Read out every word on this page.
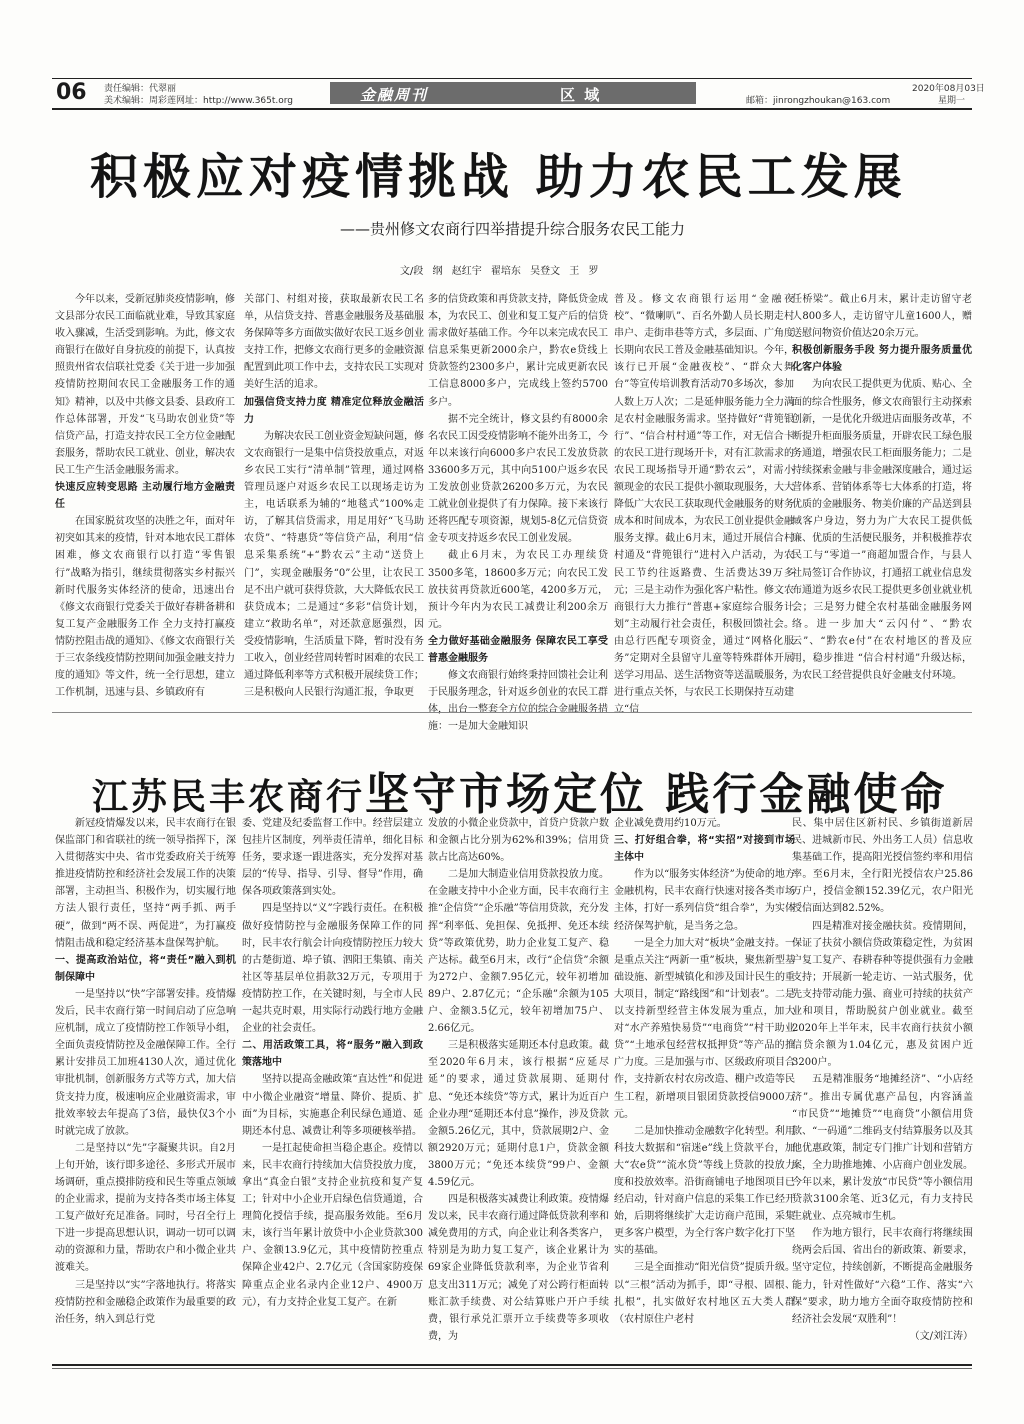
06 责任编辑：代翠丽
美术编辑：周彩莲 网址：http://www.365t.org	金融周刊	区 域	邮箱：jinrongzhoukan@163.com
2020年08月03日
星期一
积极应对疫情挑战 助力农民工发展
——贵州修文农商行四举措提升综合服务农民工能力
文/段 纲 赵红宇 翟培东 吴登文 王 罗

今年以来，受新冠肺炎疫情影响，修文县部分农民工面临就业难，导致其家庭收入骤减，生活受到影响。为此，修文农商银行在做好自身抗疫的前提下，认真按照贵州省农信联社党委《关于进一步加强疫情防控期间农民工金融服务工作的通知》精神，以及中共修文县委、县政府工作总体部署，开发“飞马助农创业贷”等信贷产品，打造支持农民工全方位金融配套服务，帮助农民工就业、创业，解决农民工生产生活金融服务需求。

快速反应转变思路 主动履行地方金融责任

在国家脱贫攻坚的决胜之年，面对年初突如其来的疫情，针对本地农民工群体困难，修文农商银行以打造“零售银行”战略为指引，继续贯彻落实乡村振兴新时代服务实体经济的使命，迅速出台《修文农商银行党委关于做好春耕备耕和复工复产金融服务工作 全力支持打赢疫情防控阻击战的通知》、《修文农商银行关于三农条线疫情防控期间加强金融支持力度的通知》等文件，统一全行思想，建立工作机制，迅速与县、乡镇政府有

关部门、村组对接，获取最新农民工名单，从信贷支持、普惠金融服务及基础服务保障等多方面做实做好农民工返乡创业支持工作，把修文农商行更多的金融资源配置到此项工作中去，支持农民工实现对美好生活的追求。

加强信贷支持力度 精准定位释放金融活力

为解决农民工创业资金短缺问题，修文农商银行一是集中信贷投放重点，对返乡农民工实行“清单制”管理，通过网格管理员逐户对返乡农民工以现场走访为主，电话联系为辅的“地毯式”100%走访，了解其信贷需求，用足用好“飞马助农贷”、“特惠贷”等信贷产品，利用“信息采集系统”+“黔农云”主动“送贷上门”，实现金融服务“0”公里，让农民工足不出户就可获得贷款，大大降低农民工获贷成本；二是通过“多彩”信贷计划，建立“救助名单”，对还款意愿强烈，因受疫情影响，生活质量下降，暂时没有务工收入，创业经营周转暂时困难的农民工通过降低利率等方式积极开展续贷工作；三是积极向人民银行沟通汇报，争取更

多的信贷政策和再贷款支持，降低贷金成本，为农民工、创业和复工复产后的信贷需求做好基础工作。今年以来完成农民工信息采集更新2000余户，黔农e贷线上贷款签约2300多户，累计完成更新农民工信息8000多户，完成线上签约5700多户。

据不完全统计，修文县约有8000余名农民工因受疫情影响不能外出务工，今年以来该行向6000多户农民工发放贷款33600多万元，其中向5100户返乡农民工发放创业贷款26200多万元，为农民工就业创业提供了有力保障。接下来该行还将匹配专项资源，规划5-8亿元信贷资金专项支持返乡农民工创业发展。

截止6月末，为农民工办理续贷3500多笔，18600多万元；向农民工发放扶贫再贷款近600笔，4200多万元，预计今年内为农民工减费让利200余万元。

全力做好基础金融服务 保障农民工享受普惠金融服务

修文农商银行始终秉持回馈社会让利于民服务理念，针对返乡创业的农民工群体，出台一整套全方位的综合金融服务措施：一是加大金融知识

普及。修文农商银行运用“金融夜校”、“微喇叭”、百名外勤人员长期走村串户、走街串巷等方式，多层面、广角度长期向农民工普及金融基础知识。今年，该行已开展“金融夜校”、“群众大舞台”等宣传培训教育活动70多场次，参加人数上万人次；二是延伸服务能力全力满足农村金融服务需求。坚持做好“背篼银行”、“信合村村通”等工作，对无信合卡的农民工进行现场开卡，对有汇款需求的农民工现场指导开通“黔农云”，对需小额现金的农民工提供小额取现服务，大大降低广大农民工获取现代金融服务的财务成本和时间成本，为农民工创业提供金融服务支撑。截止6月末，通过开展信合村村通及“背篼银行”进村入户活动，为农民工节约往返路费、生活费达39万多元；三是主动作为强化客户粘性。修文农商银行大力推行“普惠+家庭综合服务计划”主动履行社会责任，积极回馈社会。由总行匹配专项资金，通过“网格化服务”定期对全县留守儿童等特殊群体开展送学习用品、送生活物资等送温暖服务，进行重点关怀，与农民工长期保持互动建立“信

任桥梁”。截止6月末，累计走访留守老人800多人，走访留守儿童1600人，赠送慰问物资价值达20余万元。

积极创新服务手段 努力提升服务质量优化客户体验

为向农民工提供更为优质、贴心、全面的综合性服务，修文农商银行主动探索创新，一是优化升级进店面服务改革，不断提升柜面服务质量，开辟农民工绿色服务通道，增强农民工柜面服务能力；二是持续探索金融与非金融深度融合，通过运营体系、营销体系等七大体系的打造，将优质的金融服务、物美价廉的产品送到县域客户身边，努力为广大农民工提供低廉、优质的生活便民服务，并积极推荐农民工与“零道一”商超加盟合作，与县人社局签订合作协议，打通招工就业信息发布通道为返乡农民工提供更多创业就业机会；三是努力健全农村基础金融服务网络。进一步加大“云闪付”、“黔农云”、“黔农e付”在农村地区的普及应用，稳步推进 “信合村村通”升级达标，为农民工经营提供良好金融支付环境。

江苏民丰农商行坚守市场定位 践行金融使命

新冠疫情爆发以来，民丰农商行在银保监部门和省联社的统一领导指挥下，深入贯彻落实中央、省市党委政府关于统筹推进疫情防控和经济社会发展工作的决策部署，主动担当、积极作为，切实履行地方法人银行责任，坚持“两手抓、两手硬”，做到“两不误、两促进”，为打赢疫情阻击战和稳定经济基本盘保驾护航。

一、提高政治站位，将“责任”融入到机制保障中

一是坚持以“快”字部署安排。疫情爆发后，民丰农商行第一时间启动了应急响应机制，成立了疫情防控工作领导小组，全面负责疫情防控及金融保障工作。全行累计安排员工加班4130人次，通过优化审批机制，创新服务方式等方式，加大信贷支持力度，极速响应企业融资需求，审批效率较去年提高了3倍，最快仅3个小时就完成了放款。

二是坚持以“先”字凝聚共识。自2月上旬开始，该行即多途径、多形式开展市场调研，重点摸排防疫和民生等重点领域的企业需求，提前为支持各类市场主体复工复产做好充足准备。同时，号召全行上下进一步提高思想认识，调动一切可以调动的资源和力量，帮助农户和小微企业共渡难关。

三是坚持以“实”字落地执行。将落实疫情防控和金融稳企政策作为最重要的政治任务，纳入到总行党

委、党建及纪委监督工作中。经营层建立包挂片区制度，列举责任清单，细化目标任务，要求逐一跟进落实，充分发挥对基层的“传导、指导、引导、督导”作用，确保各项政策落到实处。

四是坚持以“义”字践行责任。在积极做好疫情防控与金融服务保障工作的同时，民丰农行航会计向疫情防控压力较大的古楚街道、埠子镇、泗阳王集镇、南关社区等基层单位捐款32万元，专项用于疫情防控工作，在关键时刻，与全市人民一起共克时艰，用实际行动践行地方金融企业的社会责任。

二、用活政策工具，将“服务”融入到政策落地中

坚持以提高金融政策“直达性”和促进中小微企业融资“增量、降价、提质、扩面”为目标，实施惠企利民绿色通道、延期还本付息、减费让利等多项硬核举措。

一是扛起使命担当稳企惠企。疫情以来，民丰农商行持续加大信贷投放力度，拿出“真金白银”支持企业抗疫和复产复工；针对中小企业开启绿色信贷通道，合理简化授信手续，提高服务效能。至6月末，该行当年累计放贷中小企业贷款300户、金额13.9亿元，其中疫情防控重点保障企业42户、2.7亿元（含国家防疫保障重点企业名录内企业12户、4900万元），有力支持企业复工复产。在新

发放的小微企业贷款中，首贷户贷款户数和金额占比分别为62%和39%；信用贷款占比高达60%。

二是加大制造业信用贷款投放力度。在金融支持中小企业方面，民丰农商行主推“企信贷”“企乐融”等信用贷款，充分发挥“利率低、免担保、免抵押、免还本续贷”等政策优势，助力企业复工复产、稳产达标。截至6月末，改行“企信贷”余额为272户、金额7.95亿元，较年初增加89户、2.87亿元；“企乐融”余额为105户、金额3.5亿元，较年初增加75户、2.66亿元。

三是积极落实延期还本付息政策。截至2020年6月末，该行根据“应延尽延”的要求，通过贷款展期、延期付息、“免还本续贷”等方式，累计为近百户企业办理“延期还本付息”操作，涉及贷款金额5.26亿元，其中，贷款展期2户、金额2920万元；延期付息1户，贷款金额3800万元；“免还本续贷”99户、金额4.59亿元。

四是积极落实减费让利政策。疫情爆发以来，民丰农商行通过降低贷款利率和减免费用的方式，向企业让利各类客户，特别是为助力复工复产，该企业累计为69家企业降低贷款利率，为企业节省利息支出311万元；减免了对公跨行柜面转账汇款手续费、对公结算账户开户手续费，银行承兑汇票开立手续费等多项收费，为

企业减免费用约10万元。

三、打好组合拳，将“实招”对接到市场主体中

作为以“服务实体经济”为使命的地方金融机构，民丰农商行快速对接各类市场主体，打好一系列信贷“组合拳”，为实体经济保驾护航，是当务之急。

一是全力加大对“板块”金融支持。一是重点关注“两新一重”板块，聚焦新型基础设施、新型城镇化和涉及国计民生的重大项目，制定“路线图”和“计划表”。二是以支持新型经营主体发展为重点，加大对“水产养殖快易贷”“电商贷”“村干助业贷”“土地承包经营权抵押贷”等产品的推广力度。三是加强与市、区级政府项目合作，支持新农村农房改造、棚户改造等民生工程，新增项目银团贷款授信9000万元。

二是加快推动金融数字化转型。利用科技大数据和“宿迷e”线上贷款平台，加大“农e贷”“流水贷”等线上贷款的投放力度和投放效率。沿街商铺电子地图项目已经启动，针对商户信息的采集工作已经开始，后期将继续扩大走访商户范围，采集更多客户模型，为全行客户数字化打下坚实的基础。

三是全面推动“阳光信贷”提质升级。以“三根”活动为抓手，即“寻根、固根、扎根”，扎实做好农村地区五大类人群（农村原住户老村

民、集中居住区新村民、乡镇街道新居民、进城新市民、外出务工人员）信息收集基础工作，提高阳光授信签约率和用信率。至6月末，全行阳光授信农户25.86万户，授信金额152.39亿元，农户阳光授信面达到82.52%。

四是精准对接金融扶贫。疫情期间，保证了扶贫小额信贷政策稳定性，为贫困户复工复产、春耕春种等提供强有力金融支持；开展新一轮走访、一站式服务，优先支持带动能力强、商业可持续的扶贫产业和项目，帮助脱贫户创业就业。截至2020年上半年末，民丰农商行扶贫小额信贷余额为1.04亿元，惠及贫困户近3200户。

五是精准服务“地摊经济”、“小店经济”。推出专属优惠产品包，内容涵盖 “市民贷”“地摊贷”“电商贷”小额信用贷款、“一码通”二维码支付结算服务以及其他优惠政策，制定专门推广计划和营销方案，全力助推地摊、小店商户创业发展。今年以来，累计发放“市民贷”等小额信用贷款3100余笔、近3亿元，有力支持民生就业、点亮城市生机。

作为地方银行，民丰农商行将继续围绕两会后国、省出台的新政策、新要求，坚守定位，持续创新，不断提高金融服务能力，针对性做好“六稳”工作、落实“六保”要求，助力地方全面夺取疫情防控和经济社会发展“双胜利”！

（文/刘江涛）
